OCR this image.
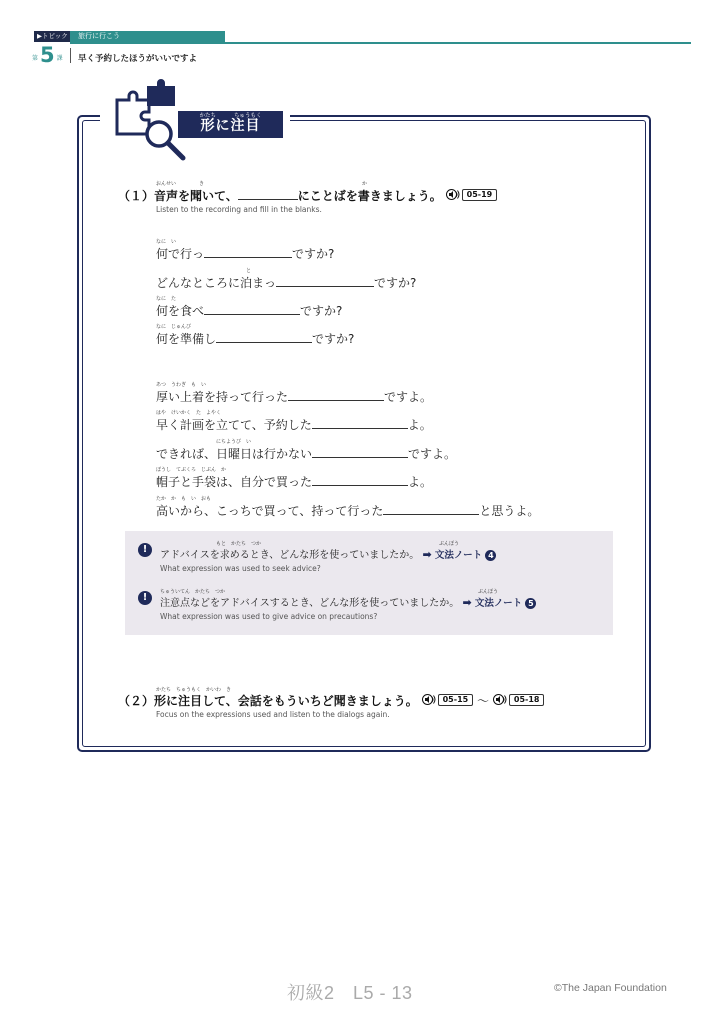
▶トピック	旅行に行こう
第 5 課 早く予約したほうがいいですよ
形に注目
かたち	ちゅうもく
おんせい	き	か
（１）音声を聞いて、	にことばを書きましょう。	05-19
Listen to the recording and fill in the blanks.
なに　い
何で行っ	ですか?
と
どんなところに泊まっ	ですか?
なに　た
何を食べ	ですか?
なに　じゅんび
何を準備し	ですか?
あつ　うわぎ　も　い
厚い上着を持って行った	ですよ。
はや　けいかく　た　よやく
早く計画を立てて、予約した	よ。
にちようび　い
できれば、日曜日は行かない	ですよ。
ぼうし　てぶくろ　じぶん　か
帽子と手袋は、自分で買った	よ。
たか　か　も　い　おも
高いから、こっちで買って、持って行った	と思うよ。
!	もと　かたち　つか
アドバイスを求めるとき、どんな形を使っていましたか。 ➡ 文法ノート 4
ぶんぽう
What expression was used to seek advice?
!	ちゅういてん　かたち　つか
注意点などをアドバイスするとき、どんな形を使っていましたか。 ➡ 文法ノート 5
ぶんぽう
What expression was used to give advice on precautions?
かたち　ちゅうもく　かいわ　き
（２）形に注目して、会話をもういちど聞きましょう。	05-15 ～	05-18
Focus on the expressions used and listen to the dialogs again.
初級2　L5 - 13	©The Japan Foundation
